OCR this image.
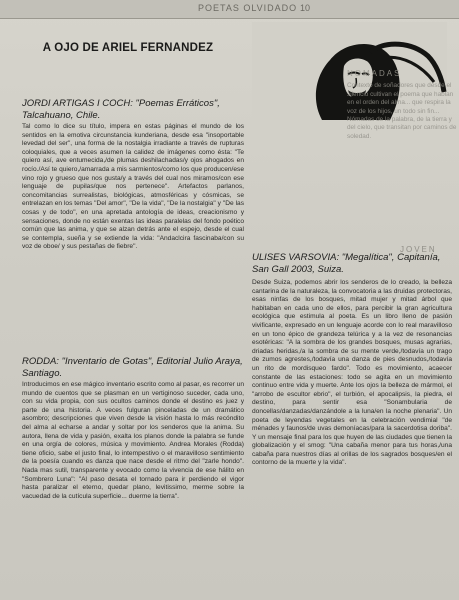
POETAS OLVIDADO 10
A OJO DE ARIEL FERNANDEZ
JORDI ARTIGAS I COCH: "Poemas Erráticos", Talcahuano, Chile.
Tal como lo dice su título, impera en estas páginas el mundo de los sentidos en la emotiva circunstancia kunderiana, desde esa "insoportable levedad del ser", una forma de la nostalgia irradiante a través de rupturas coloquiales, que a veces asumen la calidez de imágenes como ésta: "Te quiero así, ave entumecida,/de plumas deshilachadas/y ojos ahogados en rocío./Así te quiero,/amarrada a mis sarmientos/como los que producen/ese vino rojo y grueso que nos gusta/y a través del cual nos miramos/con ese lenguaje de pupilas/que nos pertenece". Artefactos parlanos, concomitancias surrealistas, biológicas, atmosféricas y cósmicas, se entrelazan en los temas "Del amor", "De la vida", "De la nostalgia" y "De las cosas y de todo", en una apretada antología de ideas, creacionismo y sensaciones, donde no están exentas las ideas paralelas del fondo poético común que las anima, y que se alzan detrás ante el espejo, desde el cual se contempla, sueña y se extiende la vida: "Andaclcira fascinaba/con su voz de oboe/ y sus pestañas de fiebre".
RODDA: "Inventario de Gotas", Editorial Julio Araya, Santiago.
Introducimos en ese mágico inventario escrito como al pasar, es recorrer un mundo de cuentos que se plasman en un vertiginoso suceder, cada uno, con su vida propia, con sus ocultos caminos donde el destino es juez y parte de una historia. A veces fulguran pinceladas de un dramático asombro; descripciones que viven desde la visión hasta lo más recóndito del alma al echarse a andar y soltar por los senderos que la anima. Su autora, llena de vida y pasión, exalta los planos donde la palabra se funde en una orgía de colores, música y movimiento. Andrea Morales (Rodda) tiene oficio, sabe el justo final, lo intempestivo o el maravilloso sentimiento de la poesía cuando es danza que nace desde el ritmo del "zarle hondo". Nada mas sutil, transparente y evocado como la vivencia de ese hálito en "Sombrero Luna": "Al paso desata el tornado para ir perdiendo el vigor hasta paralizar el eterno, quedar plano, levitissimo, merme sobre la vacuedad de la cutícula superficie... duerme la tierra".
NÓMADAS
Contexto de soñadores que desde el silencio cultivan el poema que hablan en el orden del alma... que respira la voz de los hijos, un todo sin fin... Nómadas de la palabra, de la tierra y del cielo, que transitan por caminos de soledad.
JOVEN
ULISES VARSOVIA: "Megalítica", Capitanía, San Gall 2003, Suiza.
Desde Suiza, podemos abrir los senderos de lo creado, la belleza cantarina de la naturaleza, la convocatoria a las druidas protectoras, esas ninfas de los bosques, mitad mujer y mitad árbol que habitaban en cada uno de ellos, para percibir la gran agricultura ecológica que estimula al poeta. Es un libro lleno de pasión vivificante, expresado en un lenguaje acorde con lo real maravilloso en un tono épico de grandeza telúrica y a la vez de resonancias esotéricas: "A la sombra de los grandes bosques, musas agrarias, driadas heridas,/a la sombra de su mente verde,/todavía un trago de zumos agrestes,/todavía una danza de pies desnudos,/todavía un rito de mordisqueo fardo". Todo es movimiento, acaecer constante de las estaciones: todo se agita en un movimiento continuo entre vida y muerte. Ante los ojos la belleza de mármol, el "arrobo de escultor ebrio", el turbión, el apocalipsis, la piedra, el destino, para sentir esa "Sonambularia de doncellas/danzadas/danzándole a la luna/en la noche plenaria". Un poeta de leyendas vegetales en la celebración vendimial "de ménades y faunos/de uvas demoníacas/para la sacerdotisa doriba". Y un mensaje final para los que huyen de las ciudades que tienen la globalización y el smog: "Una cabaña menor para tus horas,/una cabaña para nuestros días al orillas de los sagrados bosques/en el contorno de la muerte y la vida".
